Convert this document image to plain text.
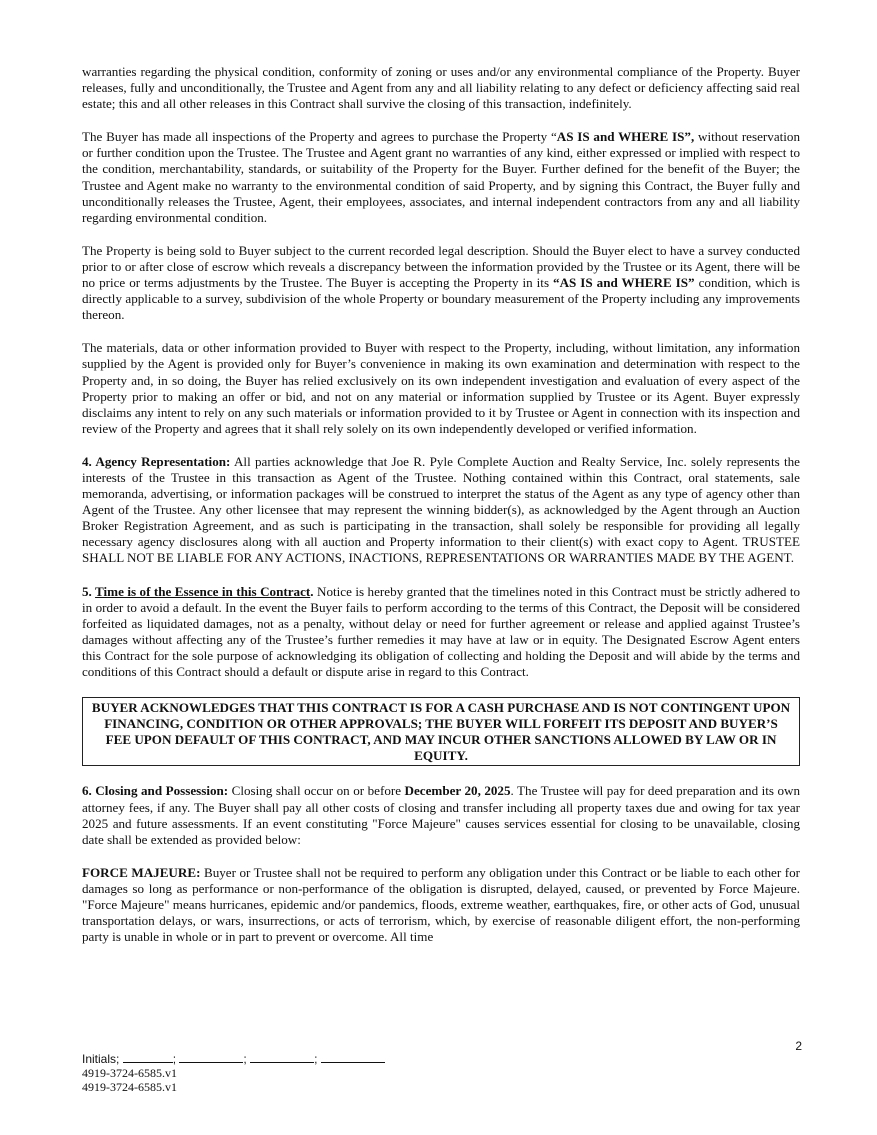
warranties regarding the physical condition, conformity of zoning or uses and/or any environmental compliance of the Property. Buyer releases, fully and unconditionally, the Trustee and Agent from any and all liability relating to any defect or deficiency affecting said real estate; this and all other releases in this Contract shall survive the closing of this transaction, indefinitely.

The Buyer has made all inspections of the Property and agrees to purchase the Property “AS IS and WHERE IS”, without reservation or further condition upon the Trustee. The Trustee and Agent grant no warranties of any kind, either expressed or implied with respect to the condition, merchantability, standards, or suitability of the Property for the Buyer. Further defined for the benefit of the Buyer; the Trustee and Agent make no warranty to the environmental condition of said Property, and by signing this Contract, the Buyer fully and unconditionally releases the Trustee, Agent, their employees, associates, and internal independent contractors from any and all liability regarding environmental condition.

The Property is being sold to Buyer subject to the current recorded legal description. Should the Buyer elect to have a survey conducted prior to or after close of escrow which reveals a discrepancy between the information provided by the Trustee or its Agent, there will be no price or terms adjustments by the Trustee. The Buyer is accepting the Property in its “AS IS and WHERE IS” condition, which is directly applicable to a survey, subdivision of the whole Property or boundary measurement of the Property including any improvements thereon.

The materials, data or other information provided to Buyer with respect to the Property, including, without limitation, any information supplied by the Agent is provided only for Buyer’s convenience in making its own examination and determination with respect to the Property and, in so doing, the Buyer has relied exclusively on its own independent investigation and evaluation of every aspect of the Property prior to making an offer or bid, and not on any material or information supplied by Trustee or its Agent. Buyer expressly disclaims any intent to rely on any such materials or information provided to it by Trustee or Agent in connection with its inspection and review of the Property and agrees that it shall rely solely on its own independently developed or verified information.

4. Agency Representation: All parties acknowledge that Joe R. Pyle Complete Auction and Realty Service, Inc. solely represents the interests of the Trustee in this transaction as Agent of the Trustee. Nothing contained within this Contract, oral statements, sale memoranda, advertising, or information packages will be construed to interpret the status of the Agent as any type of agency other than Agent of the Trustee. Any other licensee that may represent the winning bidder(s), as acknowledged by the Agent through an Auction Broker Registration Agreement, and as such is participating in the transaction, shall solely be responsible for providing all legally necessary agency disclosures along with all auction and Property information to their client(s) with exact copy to Agent. TRUSTEE SHALL NOT BE LIABLE FOR ANY ACTIONS, INACTIONS, REPRESENTATIONS OR WARRANTIES MADE BY THE AGENT.

5. Time is of the Essence in this Contract. Notice is hereby granted that the timelines noted in this Contract must be strictly adhered to in order to avoid a default. In the event the Buyer fails to perform according to the terms of this Contract, the Deposit will be considered forfeited as liquidated damages, not as a penalty, without delay or need for further agreement or release and applied against Trustee’s damages without affecting any of the Trustee’s further remedies it may have at law or in equity. The Designated Escrow Agent enters this Contract for the sole purpose of acknowledging its obligation of collecting and holding the Deposit and will abide by the terms and conditions of this Contract should a default or dispute arise in regard to this Contract.

BUYER ACKNOWLEDGES THAT THIS CONTRACT IS FOR A CASH PURCHASE AND IS NOT CONTINGENT UPON FINANCING, CONDITION OR OTHER APPROVALS; THE BUYER WILL FORFEIT ITS DEPOSIT AND BUYER’S FEE UPON DEFAULT OF THIS CONTRACT, AND MAY INCUR OTHER SANCTIONS ALLOWED BY LAW OR IN EQUITY.

6. Closing and Possession: Closing shall occur on or before December 20, 2025. The Trustee will pay for deed preparation and its own attorney fees, if any. The Buyer shall pay all other costs of closing and transfer including all property taxes due and owing for tax year 2025 and future assessments. If an event constituting "Force Majeure" causes services essential for closing to be unavailable, closing date shall be extended as provided below:

FORCE MAJEURE: Buyer or Trustee shall not be required to perform any obligation under this Contract or be liable to each other for damages so long as performance or non-performance of the obligation is disrupted, delayed, caused, or prevented by Force Majeure. "Force Majeure" means hurricanes, epidemic and/or pandemics, floods, extreme weather, earthquakes, fire, or other acts of God, unusual transportation delays, or wars, insurrections, or acts of terrorism, which, by exercise of reasonable diligent effort, the non-performing party is unable in whole or in part to prevent or overcome. All time

2
Initials;	;	;	;
4919-3724-6585.v1
4919-3724-6585.v1
